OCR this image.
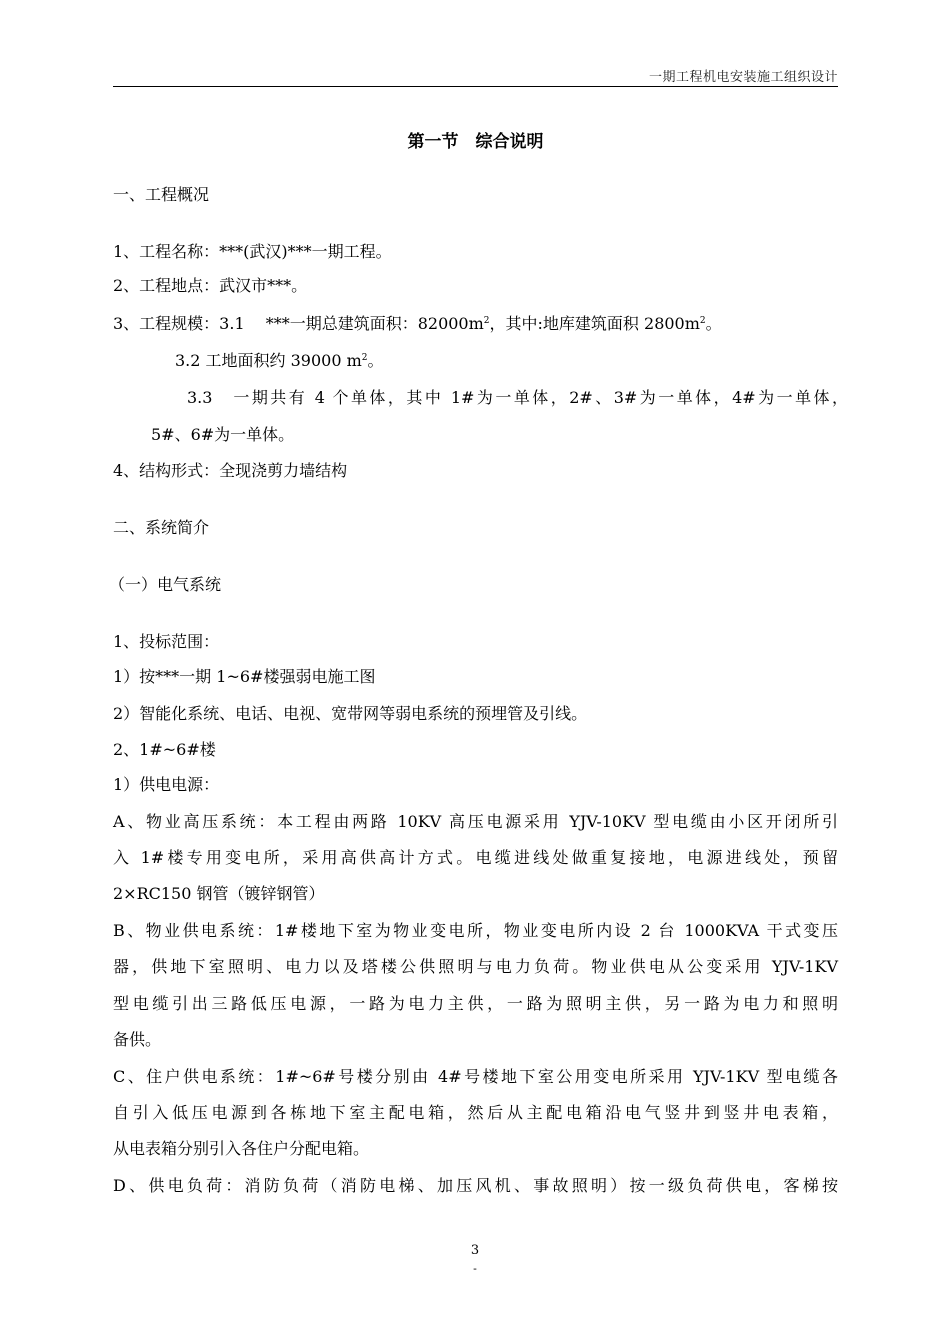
一期工程机电安装施工组织设计
第一节　综合说明
一、工程概况
1、工程名称：***(武汉)***一期工程。
2、工程地点：武汉市***。
3、工程规模：3.1　 ***一期总建筑面积：$82000m^2$，其中:地库建筑面积 $2800m^2$。
3.2 工地面积约 39000 $m^2$。
3.3　一期共有 4 个单体，其中 1#为一单体，2#、3#为一单体，4#为一单体，
5#、6#为一单体。
4、结构形式：全现浇剪力墙结构
二、系统简介
（一）电气系统
1、投标范围：
1）按***一期 1~6#楼强弱电施工图
2）智能化系统、电话、电视、宽带网等弱电系统的预埋管及引线。
2、1#~6#楼
1）供电电源：
A、物业高压系统：本工程由两路 10KV 高压电源采用 YJV-10KV 型电缆由小区开闭所引
入 1#楼专用变电所，采用高供高计方式。电缆进线处做重复接地，电源进线处，预留
2×RC150 钢管（镀锌钢管）
B、物业供电系统：1#楼地下室为物业变电所，物业变电所内设 2 台 1000KVA 干式变压
器，供地下室照明、电力以及塔楼公供照明与电力负荷。物业供电从公变采用 YJV-1KV
型电缆引出三路低压电源，一路为电力主供，一路为照明主供，另一路为电力和照明
备供。
C、住户供电系统：1#~6#号楼分别由 4#号楼地下室公用变电所采用 YJV-1KV 型电缆各
自引入低压电源到各栋地下室主配电箱，然后从主配电箱沿电气竖井到竖井电表箱，
从电表箱分别引入各住户分配电箱。
D、供电负荷：消防负荷（消防电梯、加压风机、事故照明）按一级负荷供电，客梯按
3
-
